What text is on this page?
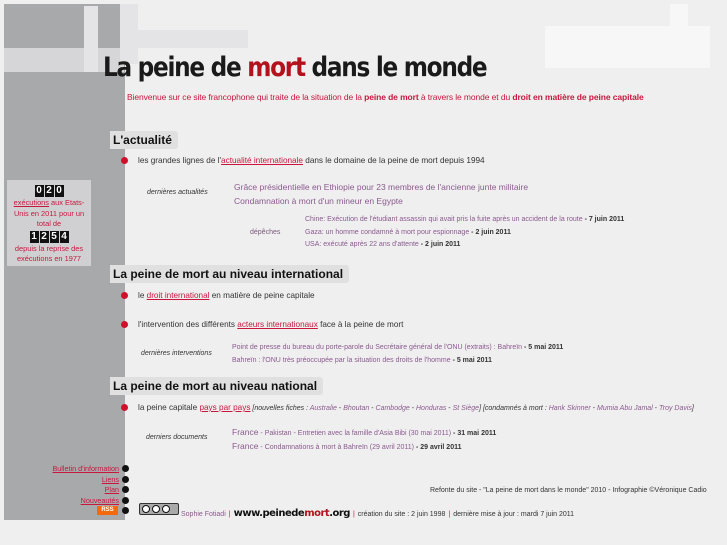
La peine de mort dans le monde
Bienvenue sur ce site francophone qui traite de la situation de la peine de mort à travers le monde et du droit en matière de peine capitale
0 2 0
exécutions aux Etats-Unis en 2011 pour un total de
1 2 5 4
depuis la reprise des exécutions en 1977
L'actualité
les grandes lignes de l'actualité internationale dans le domaine de la peine de mort depuis 1994
dernières actualités
Grâce présidentielle en Ethiopie pour 23 membres de l'ancienne junte militaire
Condamnation à mort d'un mineur en Egypte
dépêches
Chine: Exécution de l'étudiant assassin qui avait pris la fuite après un accident de la route - 7 juin 2011
Gaza: un homme condamné à mort pour espionnage - 2 juin 2011
USA: exécuté après 22 ans d'attente - 2 juin 2011
La peine de mort au niveau international
le droit international en matière de peine capitale
l'intervention des différents acteurs internationaux face à la peine de mort
dernières interventions
Point de presse du bureau du porte-parole du Secrétaire général de l'ONU (extraits) : Bahreïn - 5 mai 2011
Bahreïn : l'ONU très préoccupée par la situation des droits de l'homme - 5 mai 2011
La peine de mort au niveau national
la peine capitale pays par pays [nouvelles fiches : Australie - Bhoutan - Cambodge - Honduras - St Siège] [condamnés à mort : Hank Skinner - Mumia Abu Jamal - Troy Davis]
derniers documents
France - Pakistan - Entretien avec la famille d'Asia Bibi (30 mai 2011) - 31 mai 2011
France - Condamnations à mort à Bahreïn (29 avril 2011) - 29 avril 2011
Bulletin d'information
Liens
Plan
Nouveautés
RSS
Refonte du site - "La peine de mort dans le monde" 2010 - Infographie ©Véronique Cadio
Sophie Fotiadi | www.peinedemort.org | création du site : 2 juin 1998 | dernière mise à jour : mardi 7 juin 2011
